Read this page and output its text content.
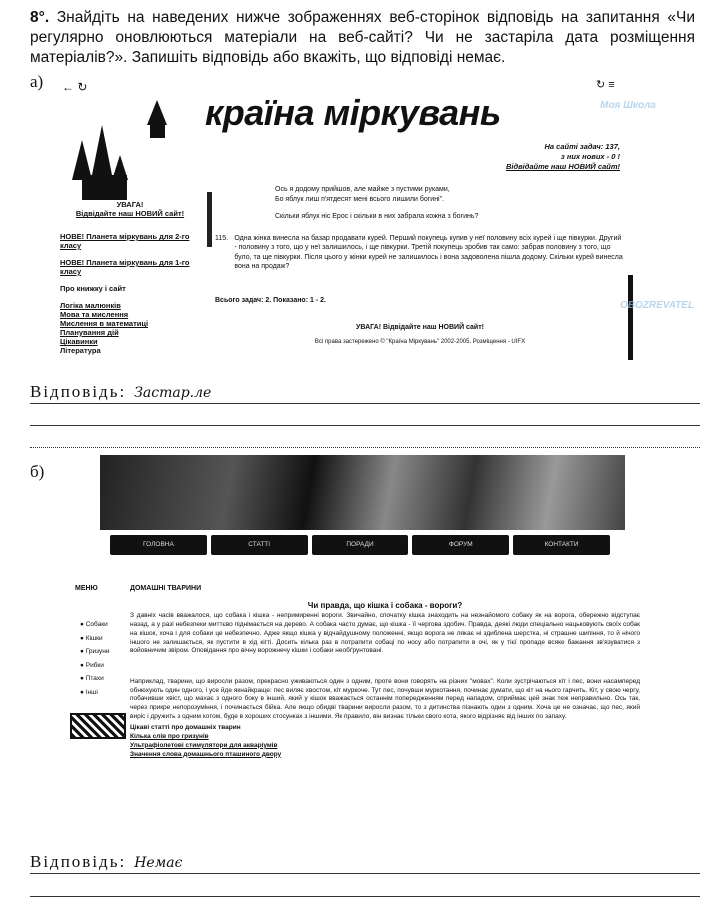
8°. Знайдіть на наведених нижче зображеннях веб-сторінок відповідь на запитання «Чи регулярно оновлюються матеріали на веб-сайті? Чи не застаріла дата розміщення матеріалів?». Запишіть відповідь або вкажіть, що відповіді немає.
а) ← ↻	↻ ≡
країна міркувань
На сайті задач: 137,
з них нових - 0 !
Відвідайте наш НОВИЙ сайт!
УВАГА!
Відвідайте наш НОВИЙ сайт!
НОВЕ! Планета міркувань для 2-го класу
НОВЕ! Планета міркувань для 1-го класу
Про книжку і сайт
Логіка малюнків
Мова та мислення
Мислення в математиці
Планування дій
Цікавинки
Література
Ось я додому прийшов, але майже з пустими руками,
Бо яблук лиш п'ятдесят мені всього лишили богині".
Скільки яблук ніс Ерос і скільки в них забрала кожна з богинь?
115. Одна жінка винесла на базар продавати курей. Перший покупець купив у неї половину всіх курей і ще півкурки. Другий - половину з того, що у неї залишилось, і ще півкурки. Третій покупець зробив так само: забрав половину з того, що було, та ще півкурки. Після цього у жінки курей не залишилось і вона задоволена пішла додому. Скільки курей винесла вона на продаж?
Всього задач: 2. Показано: 1 - 2.
УВАГА! Відвідайте наш НОВИЙ сайт!
Всі права застережено © "Країна Міркувань" 2002-2005. Розміщення - UIFX
Відповідь: Застар.ле
б)
ГОЛОВНА	СТАТТІ	ПОРАДИ	ФОРУМ	КОНТАКТИ
МЕНЮ
● Собаки
● Кішки
● Гризуни
● Рибки
● Птахи
● Інші
ДОМАШНІ ТВАРИНИ
Чи правда, що кішка і собака - вороги?
З давніх часів вважалося, що собака і кішка - непримиренні вороги. Звичайно, спочатку кішка знаходить на незнайомого собаку як на ворога, обережно відступає назад, а у разі небезпеки миттєво піднімається на дерево. А собака часто думає, що кішка - її чергова здобич. Правда, деякі люди спеціально нацьковують своїх собак на кішок, хоча і для собаки це небезпечно. Адже якщо кішка у відчайдушному положенні, якщо ворога не лякає ні здиблена шерстка, ні страшне шипіння, то й нічого іншого не залишається, як пустити в хід кігті. Досить кілька раз в потрапити собаці по носу або потрапити в очі, як у тієї пропаде всяке бажання зв'язуватися з войовничим звіром. Оповідання про вічну ворожнечу кішки і собаки необґрунтовані.
Наприклад, тварини, що виросли разом, прекрасно уживаються один з одним, проте вони говорять на різних "мовах". Коли зустрічаються кіт і пес, вони насамперед обнюхують один одного, і усе йде якнайкраще: пес виляє хвостом, кіт муркоче. Тут пес, почувши муркотання, починає думати, що кіт на нього гарчить. Кіт, у свою чергу, побачивши хвіст, що махає з одного боку в інший, який у кішок вважається останнім попередженням перед нападом, сприймає цей знак теж неправильно. Ось так, через прикре непорозуміння, і починається бійка. Але якщо обидві тварини виросли разом, то з дитинства пізнають один з одним. Хоча це не означає, що пес, який виріс і дружить з одним котом, буде в хороших стосунках з іншими. Як правило, він визнає тільки свого кота, якого відрізняє від інших по запаху.
Цікаві статті про домашніх тварин
Кілька слів про гризунів
Ультрафіолетові стимулятори для акваріумів
Значення слова домашнього пташиного двору
Відповідь: Немає
Моя Школа
OBOZREVATEL
